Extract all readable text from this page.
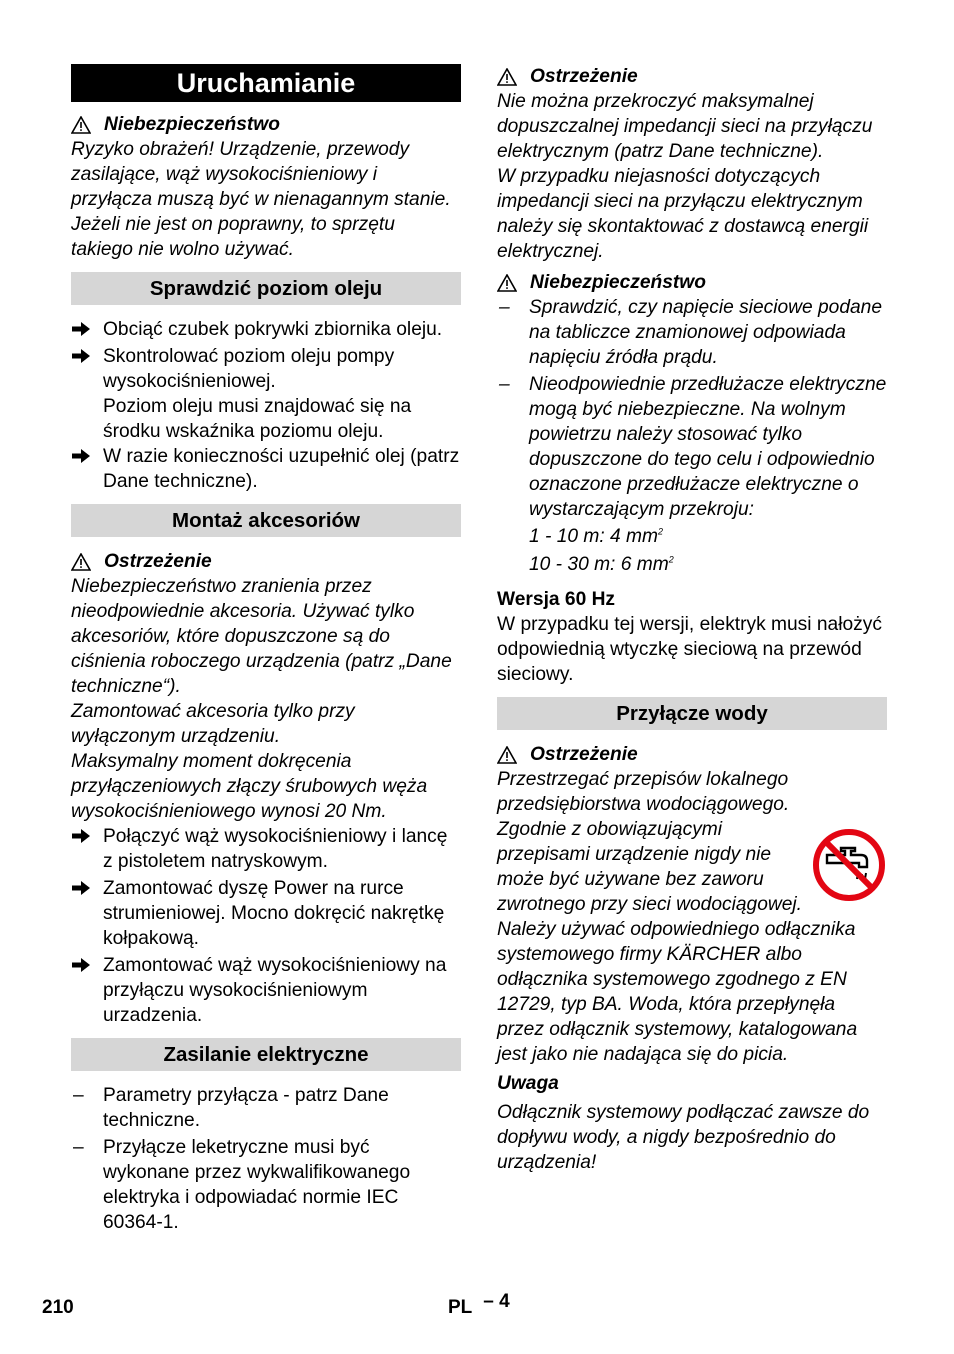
Uruchamianie
Niebezpieczeństwo

Ryzyko obrażeń! Urządzenie, przewody zasilające, wąż wysokociśnieniowy i przyłącza muszą być w nienagannym stanie. Jeżeli nie jest on poprawny, to sprzętu takiego nie wolno używać.

Sprawdzić poziom oleju
Obciąć czubek pokrywki zbiornika oleju.
Skontrolować poziom oleju pompy wysokociśnieniowej.

Poziom oleju musi znajdować się na środku wskaźnika poziomu oleju.

W razie konieczności uzupełnić olej (patrz Dane techniczne).
Montaż akcesoriów
Ostrzeżenie

Niebezpieczeństwo zranienia przez nieodpowiednie akcesoria. Używać tylko akcesoriów, które dopuszczone są do ciśnienia roboczego urządzenia (patrz „Dane techniczne“).

Zamontować akcesoria tylko przy wyłączonym urządzeniu.

Maksymalny moment dokręcenia przyłączeniowych złączy śrubowych węża wysokociśnieniowego wynosi 20 Nm.

Połączyć wąż wysokociśnieniowy i lancę z pistoletem natryskowym.
Zamontować dyszę Power na rurce strumieniowej. Mocno dokręcić nakrętkę kołpakową.
Zamontować wąż wysokociśnieniowy na przyłączu wysokociśnieniowym urzadzenia.
Zasilanie elektryczne
– Parametry przyłącza - patrz Dane techniczne.
– Przyłącze leketryczne musi być wykonane przez wykwalifikowanego elektryka i odpowiadać normie IEC 60364-1.
Ostrzeżenie

Nie można przekroczyć maksymalnej dopuszczalnej impedancji sieci na przyłączu elektrycznym (patrz Dane techniczne).

W przypadku niejasności dotyczących impedancji sieci na przyłączu elektrycznym należy się skontaktować z dostawcą energii elektrycznej.

Niebezpieczeństwo
– Sprawdzić, czy napięcie sieciowe podane na tabliczce znamionowej odpowiada napięciu źródła prądu.
– Nieodpowiednie przedłużacze elektryczne mogą być niebezpieczne. Na wolnym powietrzu należy stosować tylko dopuszczone do tego celu i odpowiednio oznaczone przedłużacze elektryczne o wystarczającym przekroju:

1 - 10 m: 4 $mm^2$

10 - 30 m: 6 $mm^2$

Wersja 60 Hz

W przypadku tej wersji, elektryk musi nałożyć odpowiednią wtyczkę sieciową na przewód sieciowy.

Przyłącze wody
Ostrzeżenie

Przestrzegać przepisów lokalnego przedsiębiorstwa wodociągowego.

Zgodnie z obowiązującymi przepisami urządzenie nigdy nie może być używane bez zaworu zwrotnego przy sieci wodociągowej. Należy używać odpowiedniego odłącznika systemowego firmy KÄRCHER albo odłącznika systemowego zgodnego z EN 12729, typ BA. Woda, która przepłynęła przez odłącznik systemowy, katalogowana jest jako nie nadająca się do picia.

Uwaga

Odłącznik systemowy podłączać zawsze do dopływu wody, a nigdy bezpośrednio do urządzenia!

210	PL – 4
